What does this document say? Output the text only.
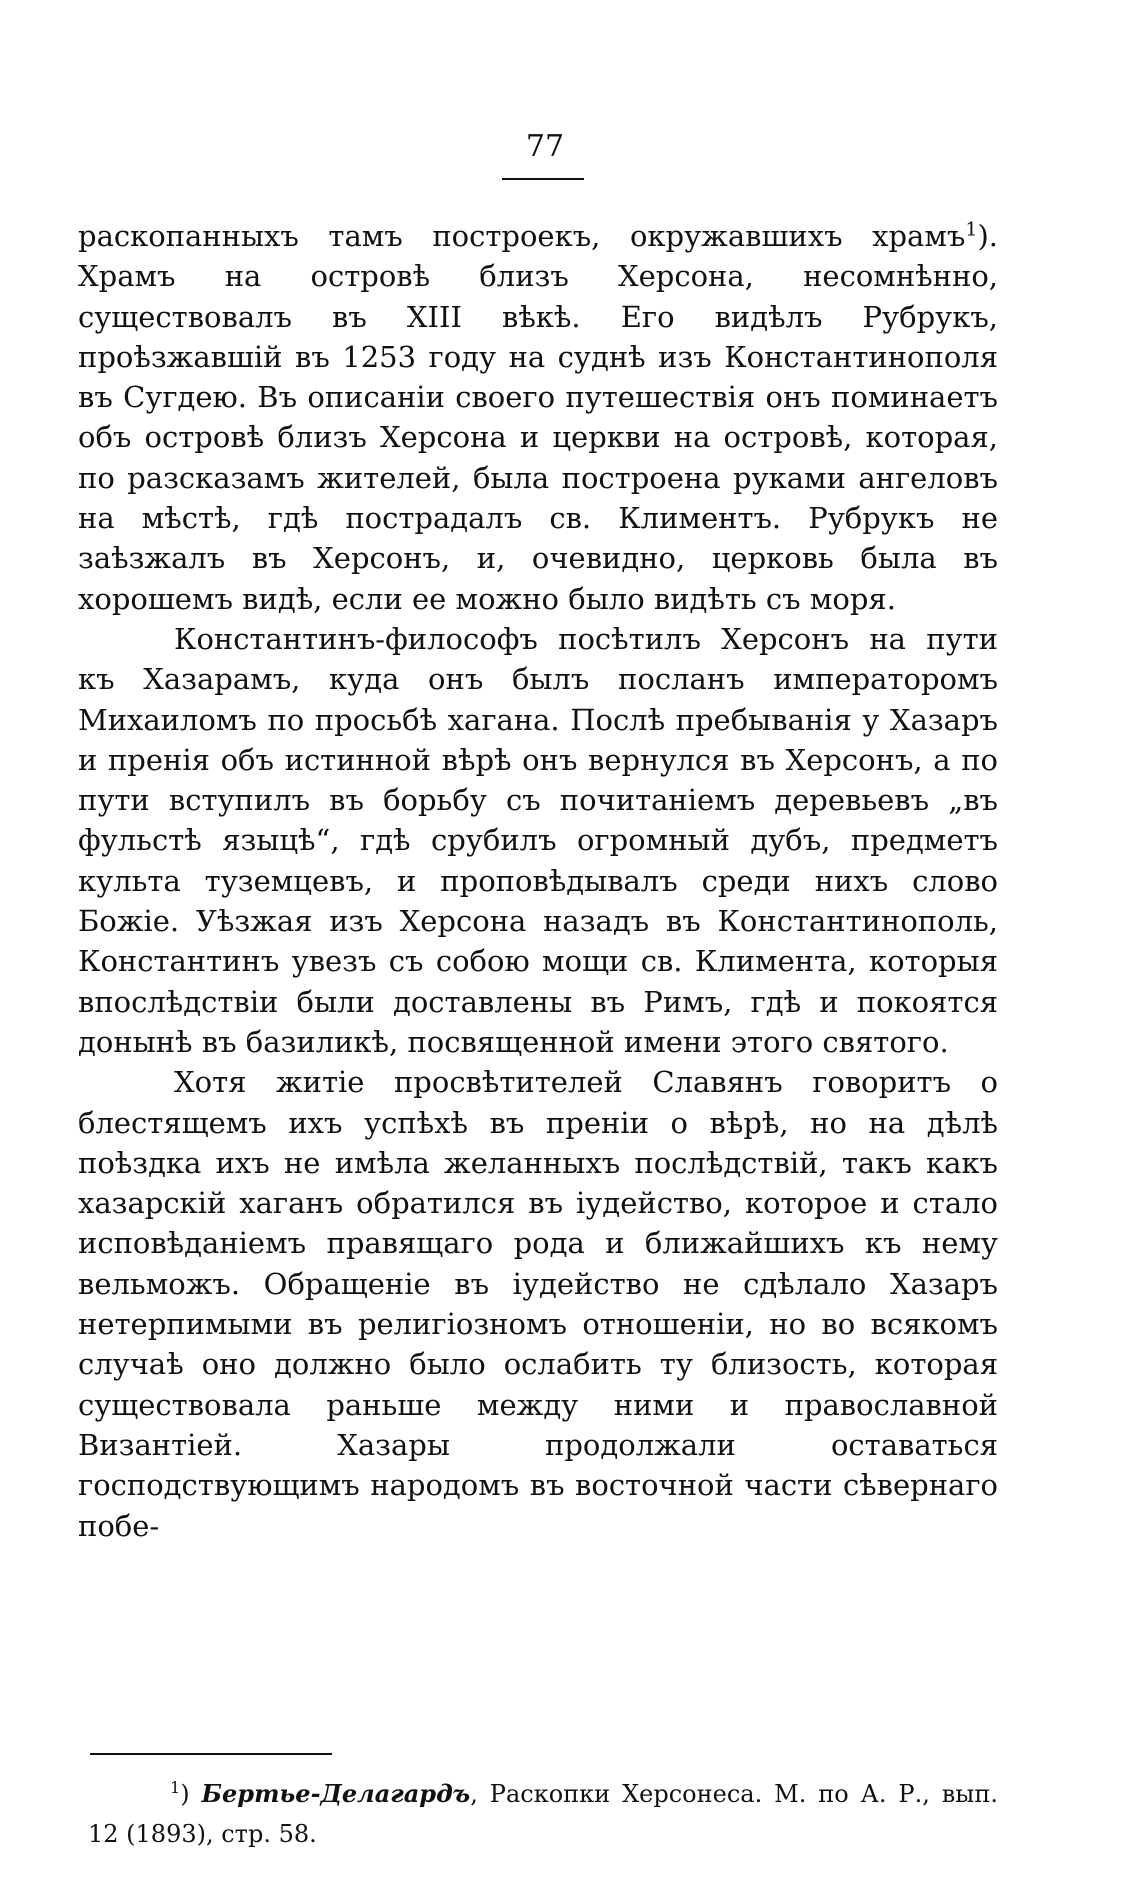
77

раскопанныхъ тамъ построекъ, окружавшихъ храмъ$^1$). Храмъ на островѣ близъ Херсона, несомнѣнно, существовалъ въ XIII вѣкѣ. Его видѣлъ Рубрукъ, проѣзжавшій въ 1253 году на суднѣ изъ Константинополя въ Сугдею. Въ описаніи своего путешествія онъ поминаетъ объ островѣ близъ Херсона и церкви на островѣ, которая, по разсказамъ жителей, была построена руками ангеловъ на мѣстѣ, гдѣ пострадалъ св. Климентъ. Рубрукъ не заѣзжалъ въ Херсонъ, и, очевидно, церковь была въ хорошемъ видѣ, если ее можно было видѣть съ моря.

Константинъ-философъ посѣтилъ Херсонъ на пути къ Хазарамъ, куда онъ былъ посланъ императоромъ Михаиломъ по просьбѣ хагана. Послѣ пребыванія у Хазаръ и пренія объ истинной вѣрѣ онъ вернулся въ Херсонъ, а по пути вступилъ въ борьбу съ почитаніемъ деревьевъ „въ фульстѣ языцѣ“, гдѣ срубилъ огромный дубъ, предметъ культа туземцевъ, и проповѣдывалъ среди нихъ слово Божіе. Уѣзжая изъ Херсона назадъ въ Константинополь, Константинъ увезъ съ собою мощи св. Климента, которыя впослѣдствіи были доставлены въ Римъ, гдѣ и покоятся донынѣ въ базиликѣ, посвященной имени этого святого.

Хотя житіе просвѣтителей Славянъ говоритъ о блестящемъ ихъ успѣхѣ въ преніи о вѣрѣ, но на дѣлѣ поѣздка ихъ не имѣла желанныхъ послѣдствій, такъ какъ хазарскій хаганъ обратился въ іудейство, которое и стало исповѣданіемъ правящаго рода и ближайшихъ къ нему вельможъ. Обращеніе въ іудейство не сдѣлало Хазаръ нетерпимыми въ религіозномъ отношеніи, но во всякомъ случаѣ оно должно было ослабить ту близость, которая существовала раньше между ними и православной Византіей. Хазары продолжали оставаться господствующимъ народомъ въ восточной части сѣвернаго побе-

$^1$) Бертье-Делагардъ, Раскопки Херсонеса. М. по А. Р., вып. 12 (1893), стр. 58.
